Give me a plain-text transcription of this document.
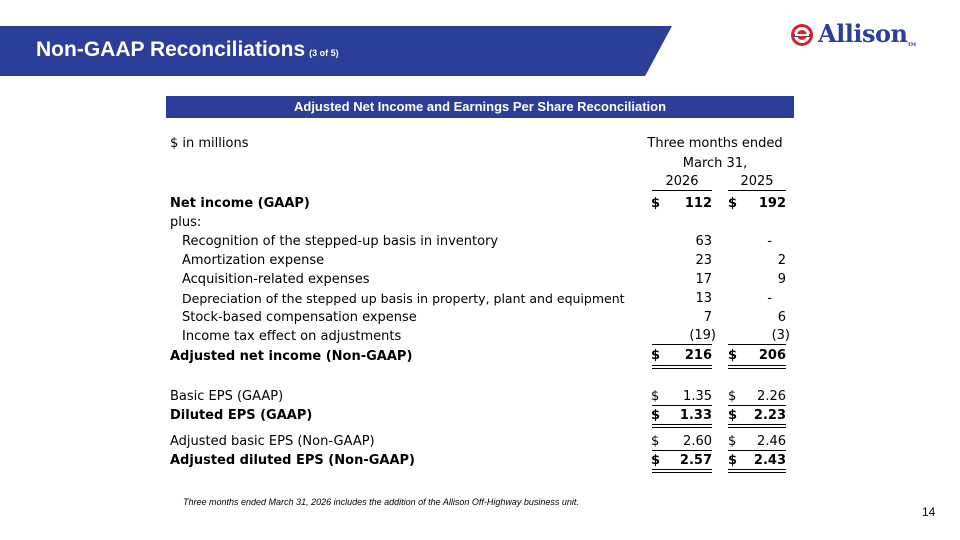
Non-GAAP Reconciliations (3 of 5)
AllisonTM
Adjusted Net Income and Earnings Per Share Reconciliation
$ in millions	Three months ended
March 31,
2026	2025
Net income (GAAP)	$	112 $	192
plus:
Recognition of the stepped-up basis in inventory	63	-
Amortization expense	23	2
Acquisition-related expenses	17	9
Depreciation of the stepped up basis in property, plant and equipment	13	-
Stock-based compensation expense	7	6
Income tax effect on adjustments	(19)	(3)
Adjusted net income (Non-GAAP)	$	216 $	206
Basic EPS (GAAP)	$	1.35 $	2.26
Diluted EPS (GAAP)	$	1.33 $	2.23
Adjusted basic EPS (Non-GAAP)	$	2.60 $	2.46
Adjusted diluted EPS (Non-GAAP)	$	2.57 $	2.43
Three months ended March 31, 2026 includes the addition of the Allison Off-Highway business unit.
14
